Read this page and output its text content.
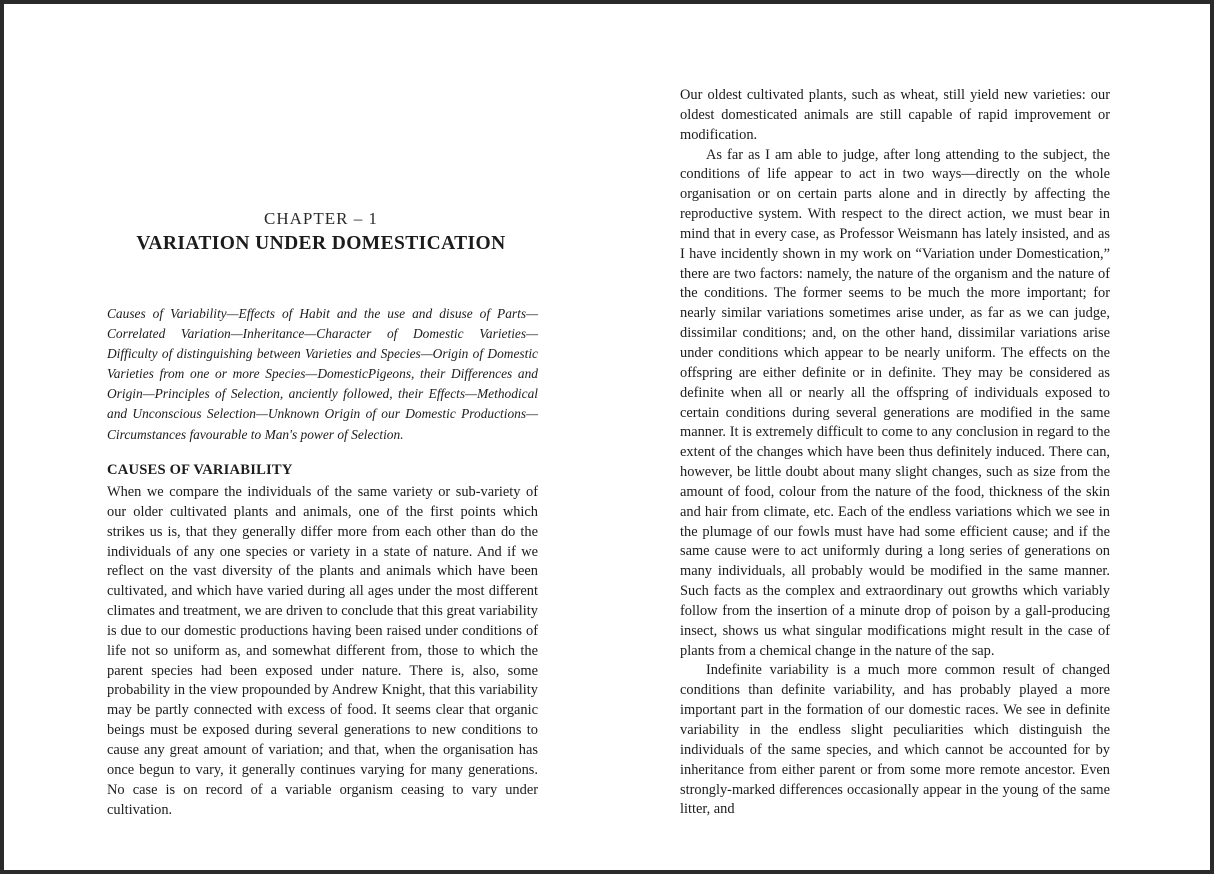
CHAPTER – 1
VARIATION UNDER DOMESTICATION

Causes of Variability—Effects of Habit and the use and disuse of Parts—Correlated Variation—Inheritance—Character of Domestic Varieties—Difficulty of distinguishing between Varieties and Species—Origin of Domestic Varieties from one or more Species—DomesticPigeons, their Differences and Origin—Principles of Selection, anciently followed, their Effects—Methodical and Unconscious Selection—Unknown Origin of our Domestic Productions—Circumstances favourable to Man's power of Selection.

CAUSES OF VARIABILITY

When we compare the individuals of the same variety or sub-variety of our older cultivated plants and animals, one of the first points which strikes us is, that they generally differ more from each other than do the individuals of any one species or variety in a state of nature. And if we reflect on the vast diversity of the plants and animals which have been cultivated, and which have varied during all ages under the most different climates and treatment, we are driven to conclude that this great variability is due to our domestic productions having been raised under conditions of life not so uniform as, and somewhat different from, those to which the parent species had been exposed under nature. There is, also, some probability in the view propounded by Andrew Knight, that this variability may be partly connected with excess of food. It seems clear that organic beings must be exposed during several generations to new conditions to cause any great amount of variation; and that, when the organisation has once begun to vary, it generally continues varying for many generations. No case is on record of a variable organism ceasing to vary under cultivation.

Our oldest cultivated plants, such as wheat, still yield new varieties: our oldest domesticated animals are still capable of rapid improvement or modification.

As far as I am able to judge, after long attending to the subject, the conditions of life appear to act in two ways—directly on the whole organisation or on certain parts alone and in directly by affecting the reproductive system. With respect to the direct action, we must bear in mind that in every case, as Professor Weismann has lately insisted, and as I have incidently shown in my work on “Variation under Domestication,” there are two factors: namely, the nature of the organism and the nature of the conditions. The former seems to be much the more important; for nearly similar variations sometimes arise under, as far as we can judge, dissimilar conditions; and, on the other hand, dissimilar variations arise under conditions which appear to be nearly uniform. The effects on the offspring are either definite or in definite. They may be considered as definite when all or nearly all the offspring of individuals exposed to certain conditions during several generations are modified in the same manner. It is extremely difficult to come to any conclusion in regard to the extent of the changes which have been thus definitely induced. There can, however, be little doubt about many slight changes, such as size from the amount of food, colour from the nature of the food, thickness of the skin and hair from climate, etc. Each of the endless variations which we see in the plumage of our fowls must have had some efficient cause; and if the same cause were to act uniformly during a long series of generations on many individuals, all probably would be modified in the same manner. Such facts as the complex and extraordinary out growths which variably follow from the insertion of a minute drop of poison by a gall-producing insect, shows us what singular modifications might result in the case of plants from a chemical change in the nature of the sap.

Indefinite variability is a much more common result of changed conditions than definite variability, and has probably played a more important part in the formation of our domestic races. We see in definite variability in the endless slight peculiarities which distinguish the individuals of the same species, and which cannot be accounted for by inheritance from either parent or from some more remote ancestor. Even strongly-marked differences occasionally appear in the young of the same litter, and
